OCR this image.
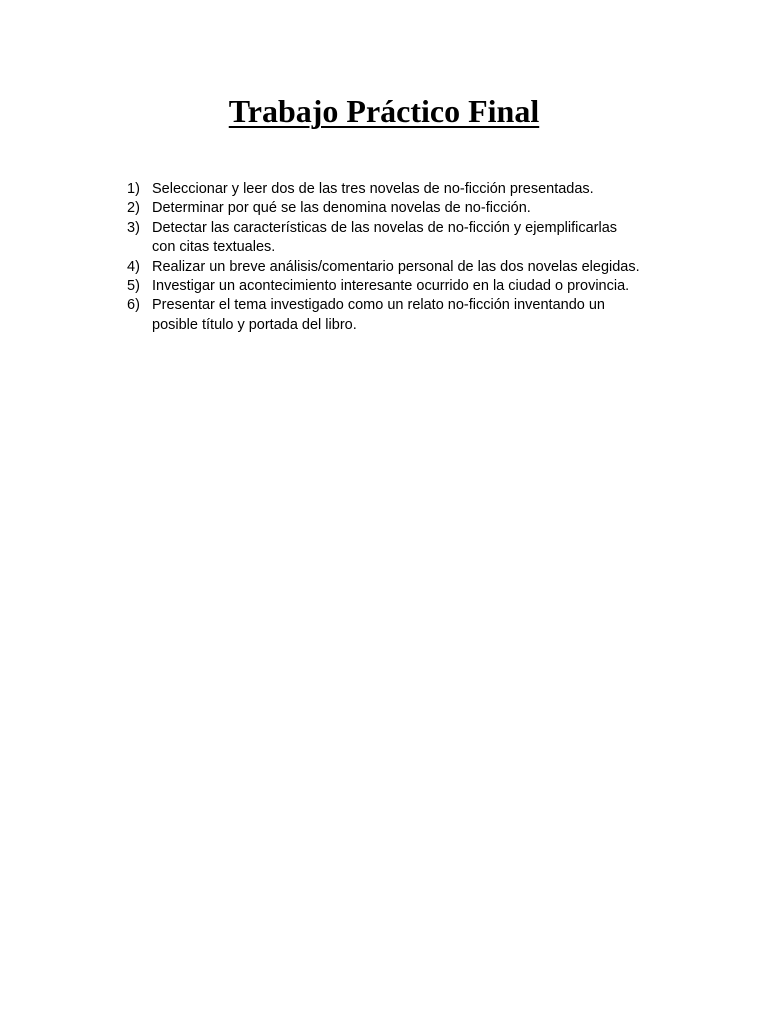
Trabajo Práctico Final
1) Seleccionar y leer dos de las tres novelas de no-ficción presentadas.
2) Determinar por qué se las denomina novelas de no-ficción.
3) Detectar las características de las novelas de no-ficción y ejemplificarlas
con citas textuales.
4) Realizar un breve análisis/comentario personal de las dos novelas elegidas.
5) Investigar un acontecimiento interesante ocurrido en la ciudad o provincia.
6) Presentar el tema investigado como un relato no-ficción inventando un
posible título y portada del libro.
